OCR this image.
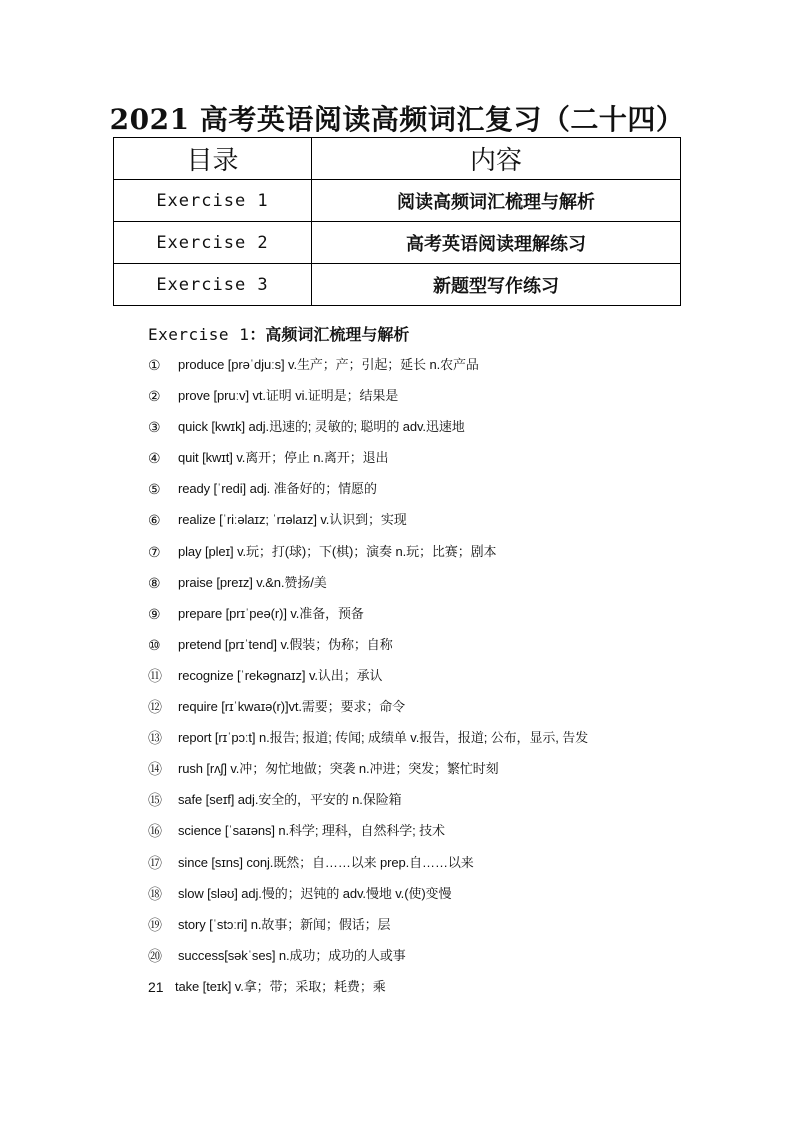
2021 高考英语阅读高频词汇复习（二十四）
目录	内容
Exercise 1	阅读高频词汇梳理与解析
Exercise 2	高考英语阅读理解练习
Exercise 3	新题型写作练习
Exercise 1：高频词汇梳理与解析
①	produce [prəˈdjuːs] v.生产；产；引起；延长 n.农产品
②	prove [pruːv] vt.证明 vi.证明是；结果是
③	quick [kwɪk] adj.迅速的; 灵敏的; 聪明的 adv.迅速地
④	quit [kwɪt] v.离开；停止 n.离开；退出
⑤	ready [ˈredi] adj. 准备好的；情愿的
⑥	realize [ˈriːəlaɪz; ˈrɪəlaɪz] v.认识到；实现
⑦	play [pleɪ] v.玩；打(球)；下(棋)；演奏 n.玩；比赛；剧本
⑧	praise [preɪz] v.&n.赞扬/美
⑨	prepare [prɪˈpeə(r)] v.准备，预备
⑩	pretend [prɪˈtend] v.假装；伪称；自称
⑪	recognize [ˈrekəgnaɪz] v.认出；承认
⑫	require [rɪˈkwaɪə(r)]vt.需要；要求；命令
⑬	report [rɪˈpɔːt] n.报告; 报道; 传闻; 成绩单 v.报告，报道; 公布，显示, 告发
⑭	rush [rʌʃ] v.冲；匆忙地做；突袭 n.冲进；突发；繁忙时刻
⑮	safe [seɪf] adj.安全的，平安的 n.保险箱
⑯	science [ˈsaɪəns] n.科学; 理科，自然科学; 技术
⑰	since [sɪns] conj.既然；自……以来 prep.自……以来
⑱	slow [sləʊ] adj.慢的；迟钝的 adv.慢地 v.(使)变慢
⑲	story [ˈstɔːri] n.故事；新闻；假话；层
⑳	success[səkˈses] n.成功；成功的人或事
21 take [teɪk] v.拿；带；采取；耗费；乘
